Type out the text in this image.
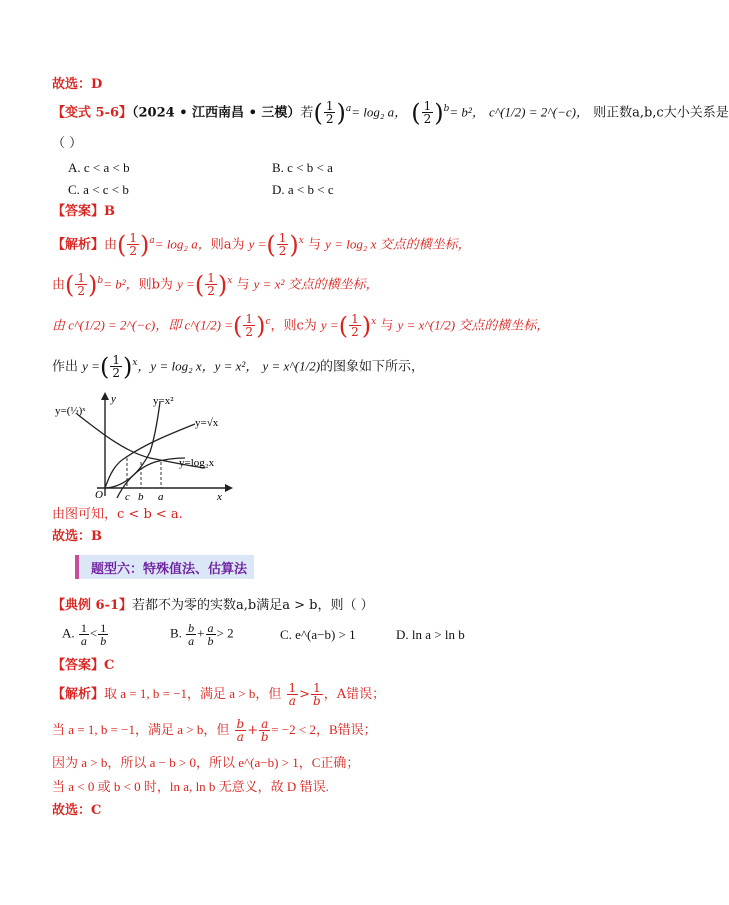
故选：D
【变式 5-6】（2024 • 江西南昌 • 三模）若( $\frac{1}{2} )^a= \log_2$ a， ( $\frac{1}{2} )^b= b^2$， c^(1/2) = 2^(−c)， 则正数a,b,c大小关系是
（ ）
A. c < a < b	B. c < b < a
C. a < c < b	D. a < b < c
【答案】B
【解析】由( $\frac{1}{2} )^a= \log_2$ a，则a为 y =( $\frac{1}{2} )^x$ 与 y = log₂ x 交点的横坐标，
由( $\frac{1}{2} )^b= b^2$，则b为 y =( $\frac{1}{2} )^x$ 与 y = x² 交点的横坐标，
由 c^(1/2) = 2^(−c)，即 c^(1/2) =( $\frac{1}{2} )^c$，则c为 y =( $\frac{1}{2} )^x$ 与 y = x^(1/2) 交点的横坐标，
作出 y =( $\frac{1}{2} )^x$，y = log₂ x，y = x²， y = x^(1/2)的图象如下所示，
y
x
O
y=(½)ˣ
y=x²
y=√x
y=log₂x
c b a
由图可知，c < b < a.
故选：B
题型六：特殊值法、估算法
【典例 6-1】若都不为零的实数a,b满足a > b，则（ ）
A. $\frac{1}{a} < \frac{1}{b}$	B. $\frac{b}{a} + \frac{a}{b} > 2$	C. e^(a−b) > 1	D. ln a > ln b
【答案】C
【解析】取 a = 1, b = −1，满足 a > b，但 $\frac{1}{a} > \frac{1}{b}$ ，A错误；
当 a = 1, b = −1，满足 a > b，但 $\frac{b}{a} + \frac{a}{b} = -2 < 2$，B错误；
因为 a > b，所以 a − b > 0，所以 e^(a−b) > 1，C正确；
当 a < 0 或 b < 0 时，ln a, ln b 无意义，故 D 错误.
故选：C
